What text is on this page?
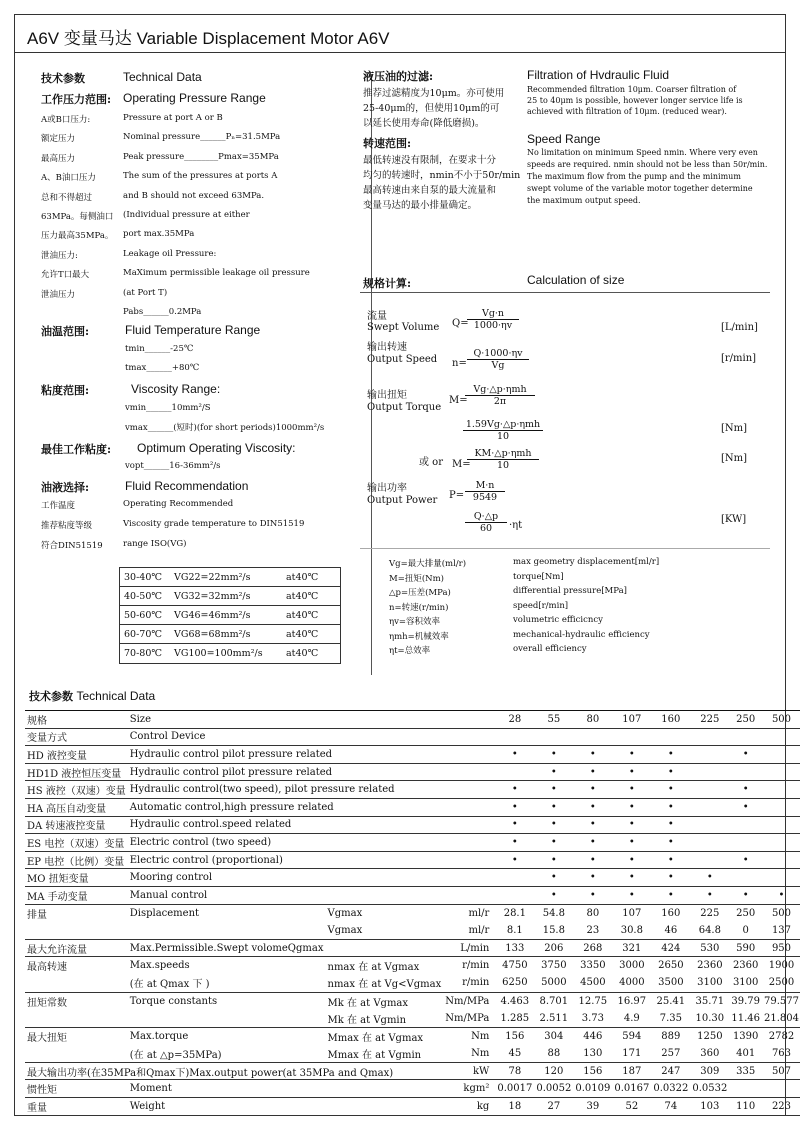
A6V 变量马达 Variable Displacement Motor A6V
技术参数	Technical Data
工作压力范围: Operating Pressure Range
A或B口压力:	Pressure at port A or B
额定压力	Nominal pressure______Pₙ=31.5MPa
最高压力	Peak pressure________Pmax=35MPa
A、B油口压力	The sum of the pressures at ports A
总和不得超过	and B should not exceed 63MPa.
63MPa。每侧油口 (Individual pressure at either
压力最高35MPa。 port max.35MPa
泄油压力:	Leakage oil Pressure:
允许T口最大	MaXimum permissible leakage oil pressure
泄油压力	(at Port T)
Pabs______0.2MPa
油温范围:	Fluid Temperature Range
tmin______-25℃
tmax______+80℃
粘度范围:	Viscosity Range:
vmin______10mm²/S
vmax______(短时)(for short periods)1000mm²/s
最佳工作粘度: Optimum Operating Viscosity:
vopt______16-36mm²/s
油液选择:	Fluid Recommendation
工作温度	Operating Recommended
推荐粘度等级	Viscosity grade temperature to DIN51519
符合DIN51519 range ISO(VG)
30-40℃	VG22=22mm²/s	at40℃
40-50℃	VG32=32mm²/s	at40℃
50-60℃	VG46=46mm²/s	at40℃
60-70℃	VG68=68mm²/s	at40℃
70-80℃	VG100=100mm²/s	at40℃
液压油的过滤:	Filtration of Hvdraulic Fluid
推荐过滤精度为10μm。亦可使用
25-40μm的，但使用10μm的可
以延长使用寿命(降低磨损)。
Recommended filtration 10μm. Coarser filtration of
25 to 40μm is possible, however longer service life is
achieved with filtration of 10μm. (reduced wear).
转速范围:	Speed Range
最低转速没有限制，在要求十分
均匀的转速时，nmin不小于50r/min
最高转速由来自泵的最大流量和
变量马达的最小排量确定。
No limitation on minimum Speed nmin. Where very even
speeds are required. nmin should not be less than 50r/min.
The maximum flow from the pump and the minimum
swept volume of the variable motor together determine
the maximum output speed.
规格计算:	Calculation of size
流量
Swept Volume Q=
$\frac{Vg\cdot n}{1000\cdot\eta v}$	[L/min]
输出转速
Output Speed $n= \frac{Q\cdot 1000\cdot\eta v}{Vg}$	[r/min]
输出扭矩
Output Torque
M=
Vg·△p·ηmh
2π
1.59Vg·△p·ηmh
10
[Nm]
或 or M=
KM·△p·ηmh
10
[Nm]
输出功率
Output Power $P= \frac{M\cdot n}{9549}$
$\frac{Q\cdot\triangle p}{60} \cdot\eta t$
[KW]
Vg=最大排量(ml/r)	max geometry displacement[ml/r]
M=扭矩(Nm)	torque[Nm]
△p=压差(MPa)	differential pressure[MPa]
n=转速(r/min)	speed[r/min]
ηv=容积效率	volumetric efficicncy
ηmh=机械效率	mechanical-hydraulic efficiency
ηt=总效率	overall efficiency
技术参数 Technical Data
规格	Size			28	55	80	107	160	225	250	500
变量方式	Control Device										
HD 液控变量	Hydraulic control pilot pressure related			•	•	•	•	•		•	
HD1D 液控恒压变量	Hydraulic control pilot pressure related				•	•	•	•			
HS 液控（双速）变量	Hydraulic control(two speed), pilot pressure related			•	•	•	•	•		•	
HA 高压自动变量	Automatic control,high pressure related			•	•	•	•	•		•	
DA 转速液控变量	Hydraulic control.speed related			•	•	•	•	•			
ES 电控（双速）变量	Electric control (two speed)			•	•	•	•	•			
EP 电控（比例）变量	Electric control (proportional)			•	•	•	•	•		•	
MO 扭矩变量	Mooring control				•	•	•	•	•		
MA 手动变量	Manual control				•	•	•	•	•	•	•
排量	Displacement	Vgmax	ml/r	28.1	54.8	80	107	160	225	250	500
		Vgmax	ml/r	8.1	15.8	23	30.8	46	64.8	0	137
最大允许流量	Max.Permissible.Swept volomeQgmax		L/min	133	206	268	321	424	530	590	950
最高转速	Max.speeds	nmax 在 at Vgmax	r/min	4750	3750	3350	3000	2650	2360	2360	1900
	(在 at Qmax 下 )	nmax 在 at Vg<Vgmax	r/min	6250	5000	4500	4000	3500	3100	3100	2500
扭矩常数	Torque constants	Mk 在 at Vgmax	Nm/MPa	4.463	8.701	12.75	16.97	25.41	35.71	39.79	79.577
		Mk 在 at Vgmin	Nm/MPa	1.285	2.511	3.73	4.9	7.35	10.30	11.46	21.804
最大扭矩	Max.torque	Mmax 在 at Vgmax	Nm	156	304	446	594	889	1250	1390	2782
	(在 at △p=35MPa)	Mmax 在 at Vgmin	Nm	45	88	130	171	257	360	401	763
最大输出功率(在35MPa和Qmax下)Max.output power(at 35MPa and Qmax)			kW	78	120	156	187	247	309	335	507
惯性矩	Moment		kgm²	0.0017	0.0052	0.0109	0.0167	0.0322	0.0532		
重量	Weight		kg	18	27	39	52	74	103	110	223
